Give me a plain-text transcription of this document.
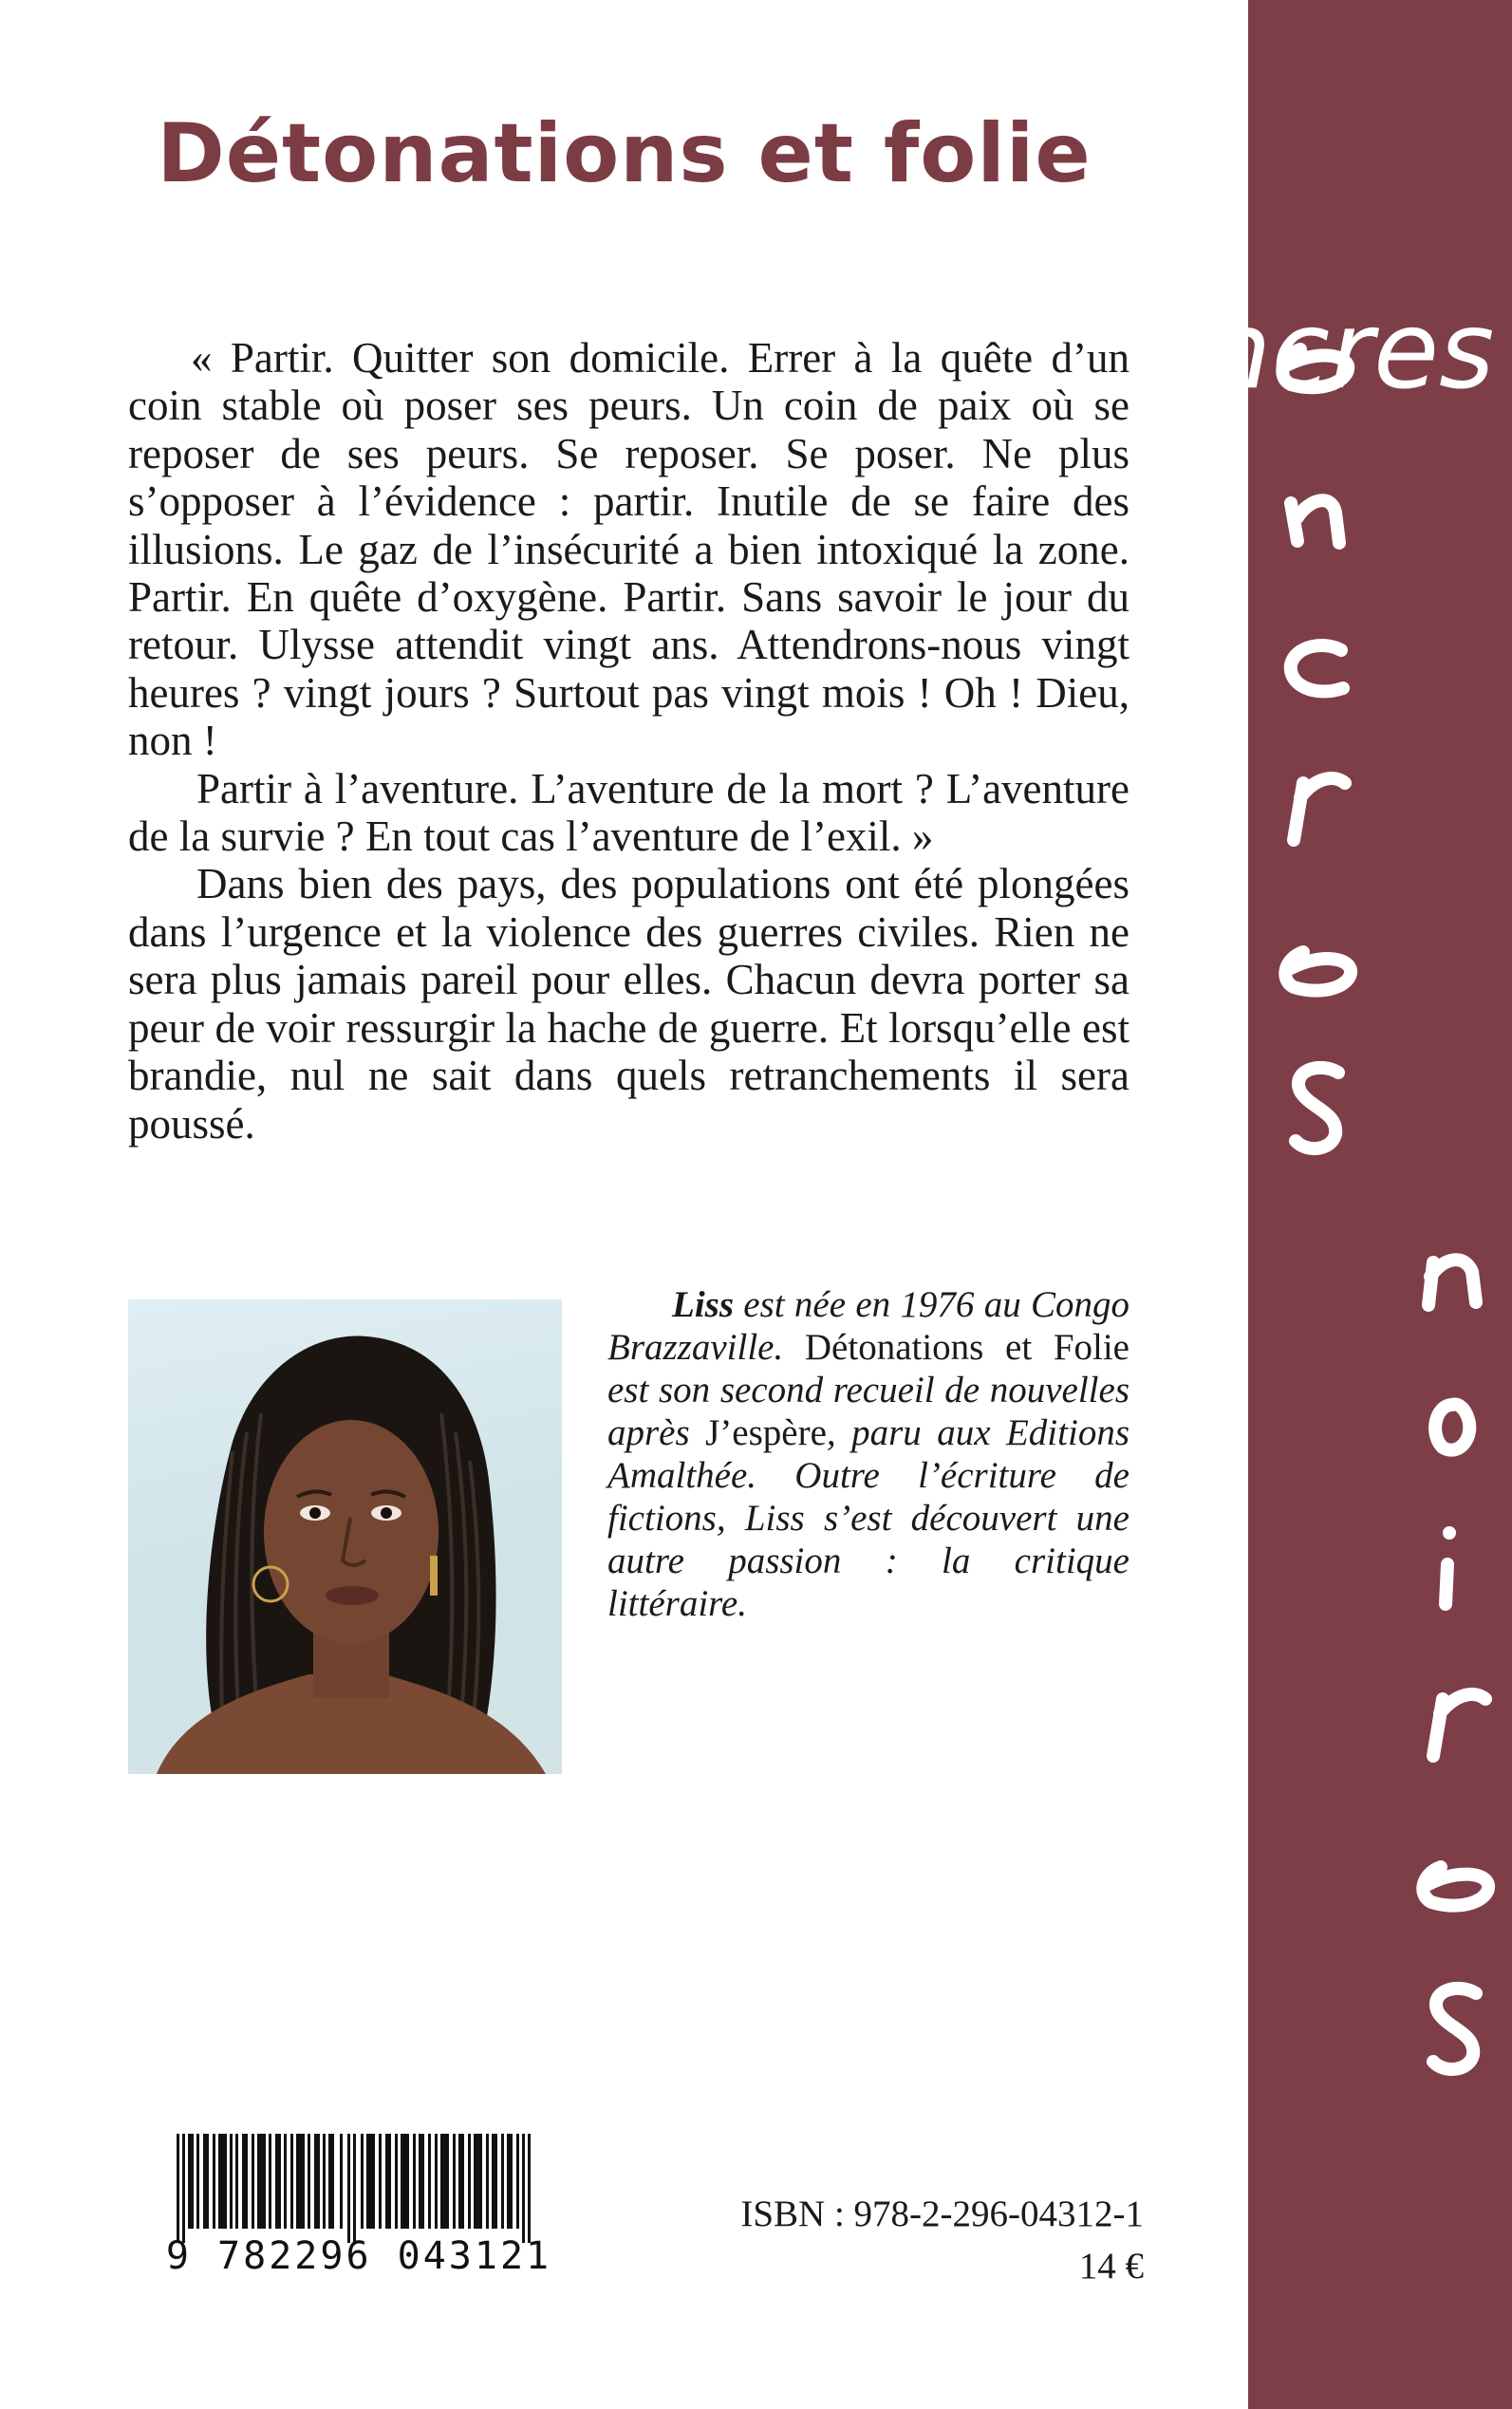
Détonations et folie

« Partir. Quitter son domicile. Errer à la quête d’un coin stable où poser ses peurs. Un coin de paix où se reposer de ses peurs. Se reposer. Se poser. Ne plus s’opposer à l’évidence : partir. Inutile de se faire des illusions. Le gaz de l’insécurité a bien intoxiqué la zone. Partir. En quête d’oxygène. Partir. Sans savoir le jour du retour. Ulysse attendit vingt ans. Attendrons-nous vingt heures ? vingt jours ? Surtout pas vingt mois ! Oh ! Dieu, non !

Partir à l’aventure. L’aventure de la mort ? L’aventure de la survie ? En tout cas l’aventure de l’exil. »

Dans bien des pays, des populations ont été plongées dans l’urgence et la violence des guerres civiles. Rien ne sera plus jamais pareil pour elles. Chacun devra porter sa peur de voir ressurgir la hache de guerre. Et lorsqu’elle est brandie, nul ne sait dans quels retranchements il sera poussé.

Liss est née en 1976 au Congo Brazzaville. Détonations et Folie est son second recueil de nouvelles après J’espère, paru aux Editions Amalthée. Outre l’écriture de fictions, Liss s’est découvert une autre passion : la critique littéraire.

encres
noires
9 782296 043121

ISBN : 978-2-296-04312-1

14 €
